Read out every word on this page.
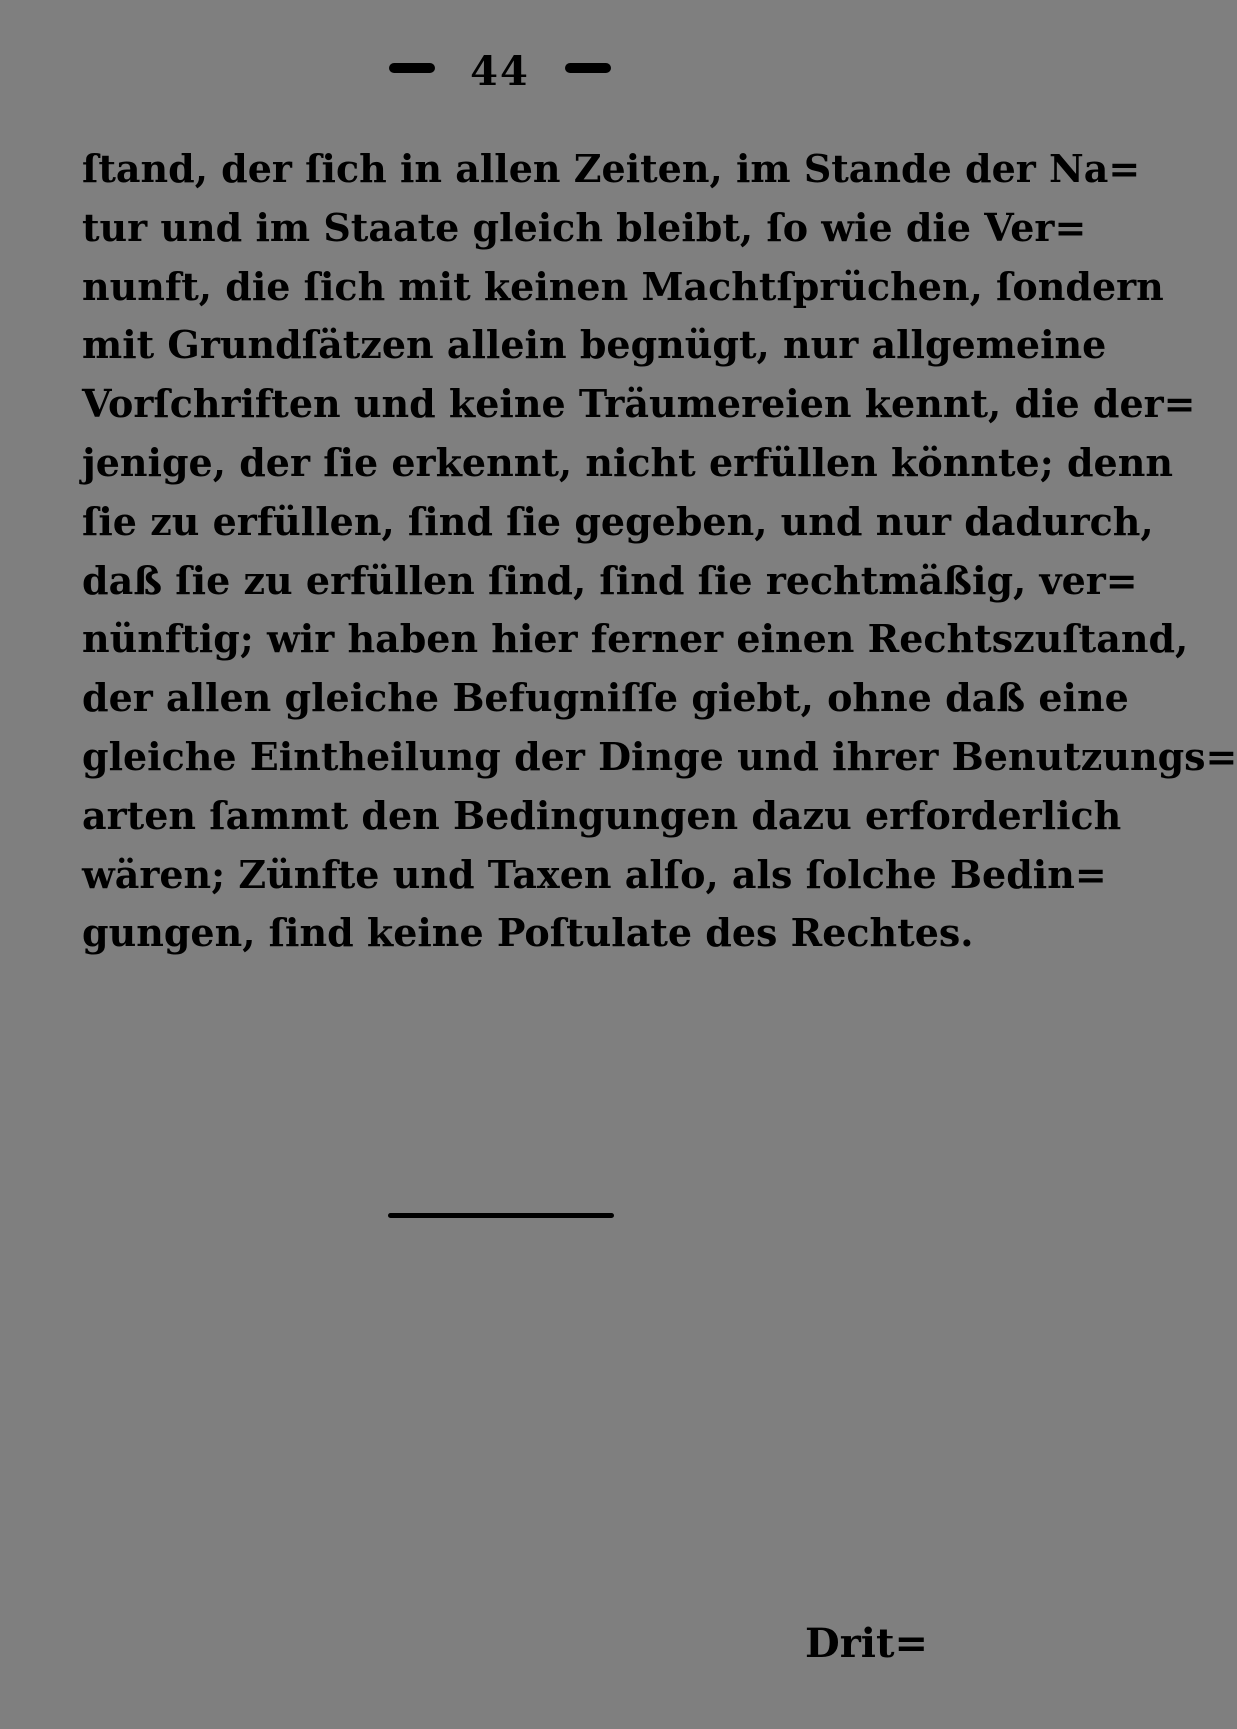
44
ſtand, der ſich in allen Zeiten, im Stande der Na=
tur und im Staate gleich bleibt, ſo wie die Ver=
nunft, die ſich mit keinen Machtſprüchen, ſondern
mit Grundſätzen allein begnügt, nur allgemeine
Vorſchriften und keine Träumereien kennt, die der=
jenige, der ſie erkennt, nicht erfüllen könnte; denn
ſie zu erfüllen, ſind ſie gegeben, und nur dadurch,
daß ſie zu erfüllen ſind, ſind ſie rechtmäßig, ver=
nünftig; wir haben hier ferner einen Rechtszuſtand,
der allen gleiche Befugniſſe giebt, ohne daß eine
gleiche Eintheilung der Dinge und ihrer Benutzungs=
arten ſammt den Bedingungen dazu erforderlich
wären; Zünfte und Taxen alſo, als ſolche Bedin=
gungen, ſind keine Poſtulate des Rechtes.
Drit=
